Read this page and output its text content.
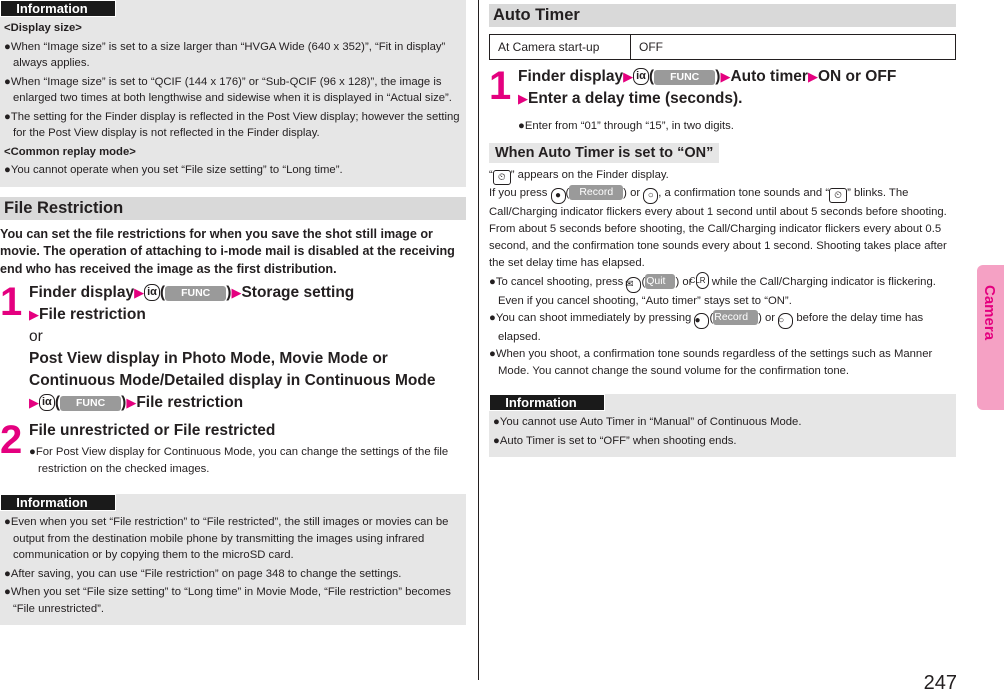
Information

<Display size>

●When “Image size” is set to a size larger than “HVGA Wide (640 x 352)”, “Fit in display” always applies.

●When “Image size” is set to “QCIF (144 x 176)” or “Sub-QCIF (96 x 128)”, the image is enlarged two times at both lengthwise and sidewise when it is displayed in “Actual size”.

●The setting for the Finder display is reflected in the Post View display; however the setting for the Post View display is not reflected in the Finder display.

<Common replay mode>

●You cannot operate when you set “File size setting” to “Long time”.

File Restriction

You can set the file restrictions for when you save the shot still image or movie. The operation of attaching to i-mode mail is disabled at the receiving end who has received the image as the first distribution.

1 Finder display▶ iα ( FUNC )▶Storage setting
▶File restriction
or
Post View display in Photo Mode, Movie Mode or Continuous Mode/Detailed display in Continuous Mode
▶ iα ( FUNC )▶File restriction
2 File unrestricted or File restricted

●For Post View display for Continuous Mode, you can change the settings of the file restriction on the checked images.

Information

●Even when you set “File restriction” to “File restricted”, the still images or movies can be output from the destination mobile phone by transmitting the images using infrared communication or by copying them to the microSD card.

●After saving, you can use “File restriction” on page 348 to change the settings.

●When you set “File size setting” to “Long time” in Movie Mode, “File restriction” becomes “File unrestricted”.

Auto Timer
At Camera start-up	OFF
1 Finder display▶ iα ( FUNC )▶Auto timer▶ON or OFF
▶Enter a delay time (seconds).

●Enter from “01” through “15”, in two digits.

When Auto Timer is set to “ON”

“ ⏲ ” appears on the Finder display.

If you press ● ( Record ) or ○ , a confirmation tone sounds and “ ⏲ ” blinks. The Call/Charging indicator flickers every about 1 second until about 5 seconds before shooting. From about 5 seconds before shooting, the Call/Charging indicator flickers every about 0.5 second, and the confirmation tone sounds every about 1 second. Shooting takes place after the set delay time has elapsed.

●To cancel shooting, press ✉ (Quit ) or CLR while the Call/Charging indicator is flickering. Even if you cancel shooting, “Auto timer” stays set to “ON”.

●You can shoot immediately by pressing ● (Record ) or ○ before the delay time has elapsed.

●When you shoot, a confirmation tone sounds regardless of the settings such as Manner Mode. You cannot change the sound volume for the confirmation tone.

Information

●You cannot use Auto Timer in “Manual” of Continuous Mode.

●Auto Timer is set to “OFF” when shooting ends.

Camera
247
